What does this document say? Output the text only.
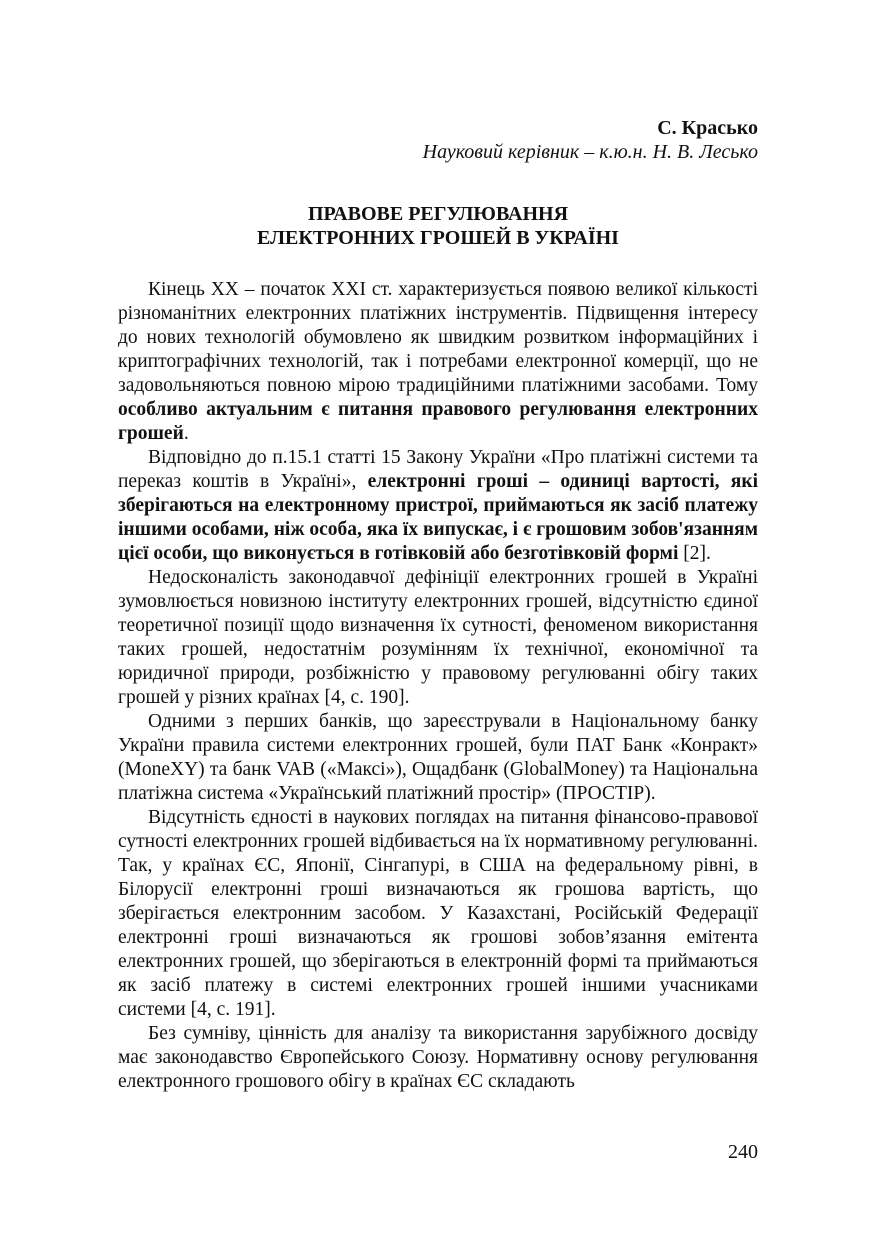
С. Красько

Науковий керівник – к.ю.н. Н. В. Лесько

ПРАВОВЕ РЕГУЛЮВАННЯ
ЕЛЕКТРОННИХ ГРОШЕЙ В УКРАЇНІ

Кінець XX – початок XXI ст. характеризується появою великої кількості різноманітних електронних платіжних інструментів. Підвищення інтересу до нових технологій обумовлено як швидким розвитком інформаційних і криптографічних технологій, так і потребами електронної комерції, що не задовольняються повною мірою традиційними платіжними засобами. Тому особливо актуальним є питання правового регулювання електронних грошей.

Відповідно до п.15.1 статті 15 Закону України «Про платіжні системи та переказ коштів в Україні», електронні гроші – одиниці вартості, які зберігаються на електронному пристрої, приймаються як засіб платежу іншими особами, ніж особа, яка їх випускає, і є грошовим зобов'язанням цієї особи, що виконується в готівковій або безготівковій формі [2].

Недосконалість законодавчої дефініції електронних грошей в Україні зумовлюється новизною інституту електронних грошей, відсутністю єдиної теоретичної позиції щодо визначення їх сутності, феноменом використання таких грошей, недостатнім розумінням їх технічної, економічної та юридичної природи, розбіжністю у правовому регулюванні обігу таких грошей у різних країнах [4, с. 190].

Одними з перших банків, що зареєстрували в Національному банку України правила системи електронних грошей, були ПАТ Банк «Конракт» (MoneXY) та банк VAB («Максі»), Ощадбанк (GlobalMoney) та Національна платіжна система «Український платіжний простір» (ПРОСТІР).

Відсутність єдності в наукових поглядах на питання фінансово-правової сутності електронних грошей відбивається на їх нормативному регулюванні. Так, у країнах ЄС, Японії, Сінгапурі, в США на федеральному рівні, в Білорусії електронні гроші визначаються як грошова вартість, що зберігається електронним засобом. У Казахстані, Російській Федерації електронні гроші визначаються як грошові зобов’язання емітента електронних грошей, що зберігаються в електронній формі та приймаються як засіб платежу в системі електронних грошей іншими учасниками системи [4, с. 191].

Без сумніву, цінність для аналізу та використання зарубіжного досвіду має законодавство Європейського Союзу. Нормативну основу регулювання електронного грошового обігу в країнах ЄС складають

240
